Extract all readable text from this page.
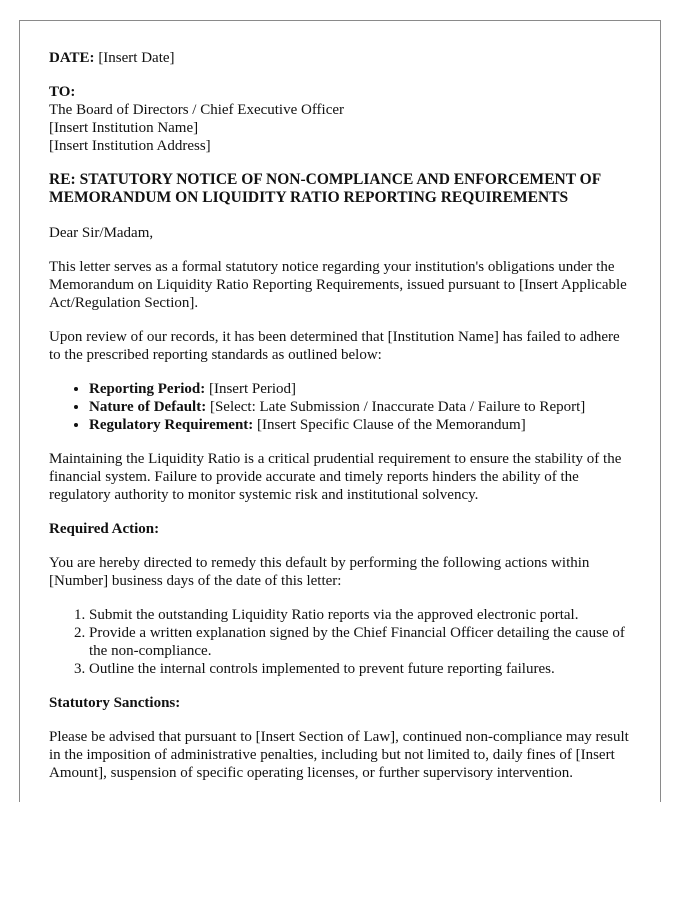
DATE: [Insert Date]
TO:
The Board of Directors / Chief Executive Officer
[Insert Institution Name]
[Insert Institution Address]
RE: STATUTORY NOTICE OF NON-COMPLIANCE AND ENFORCEMENT OF MEMORANDUM ON LIQUIDITY RATIO REPORTING REQUIREMENTS
Dear Sir/Madam,
This letter serves as a formal statutory notice regarding your institution's obligations under the Memorandum on Liquidity Ratio Reporting Requirements, issued pursuant to [Insert Applicable Act/Regulation Section].
Upon review of our records, it has been determined that [Institution Name] has failed to adhere to the prescribed reporting standards as outlined below:
• Reporting Period: [Insert Period]
• Nature of Default: [Select: Late Submission / Inaccurate Data / Failure to Report]
• Regulatory Requirement: [Insert Specific Clause of the Memorandum]
Maintaining the Liquidity Ratio is a critical prudential requirement to ensure the stability of the financial system. Failure to provide accurate and timely reports hinders the ability of the regulatory authority to monitor systemic risk and institutional solvency.
Required Action:
You are hereby directed to remedy this default by performing the following actions within [Number] business days of the date of this letter:
1. Submit the outstanding Liquidity Ratio reports via the approved electronic portal.
2. Provide a written explanation signed by the Chief Financial Officer detailing the cause of the non-compliance.
3. Outline the internal controls implemented to prevent future reporting failures.
Statutory Sanctions:
Please be advised that pursuant to [Insert Section of Law], continued non-compliance may result in the imposition of administrative penalties, including but not limited to, daily fines of [Insert Amount], suspension of specific operating licenses, or further supervisory intervention.
